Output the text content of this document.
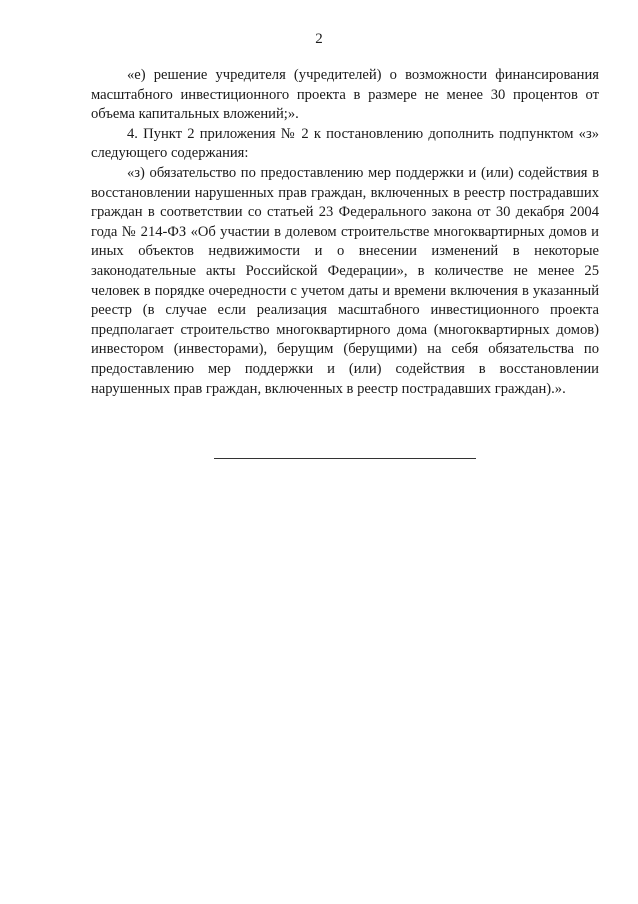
2

«е) решение учредителя (учредителей) о возможности финансирования масштабного инвестиционного проекта в размере не менее 30 процентов от объема капитальных вложений;».

4. Пункт 2 приложения № 2 к постановлению дополнить подпунктом «з» следующего содержания:

«з) обязательство по предоставлению мер поддержки и (или) содействия в восстановлении нарушенных прав граждан, включенных в реестр пострадавших граждан в соответствии со статьей 23 Федерального закона от 30 декабря 2004 года № 214-ФЗ «Об участии в долевом строительстве многоквартирных домов и иных объектов недвижимости и о внесении изменений в некоторые законодательные акты Российской Федерации», в количестве не менее 25 человек в порядке очередности с учетом даты и времени включения в указанный реестр (в случае если реализация масштабного инвестиционного проекта предполагает строительство многоквартирного дома (многоквартирных домов) инвестором (инвесторами), берущим (берущими) на себя обязательства по предоставлению мер поддержки и (или) содействия в восстановлении нарушенных прав граждан, включенных в реестр пострадавших граждан).».
